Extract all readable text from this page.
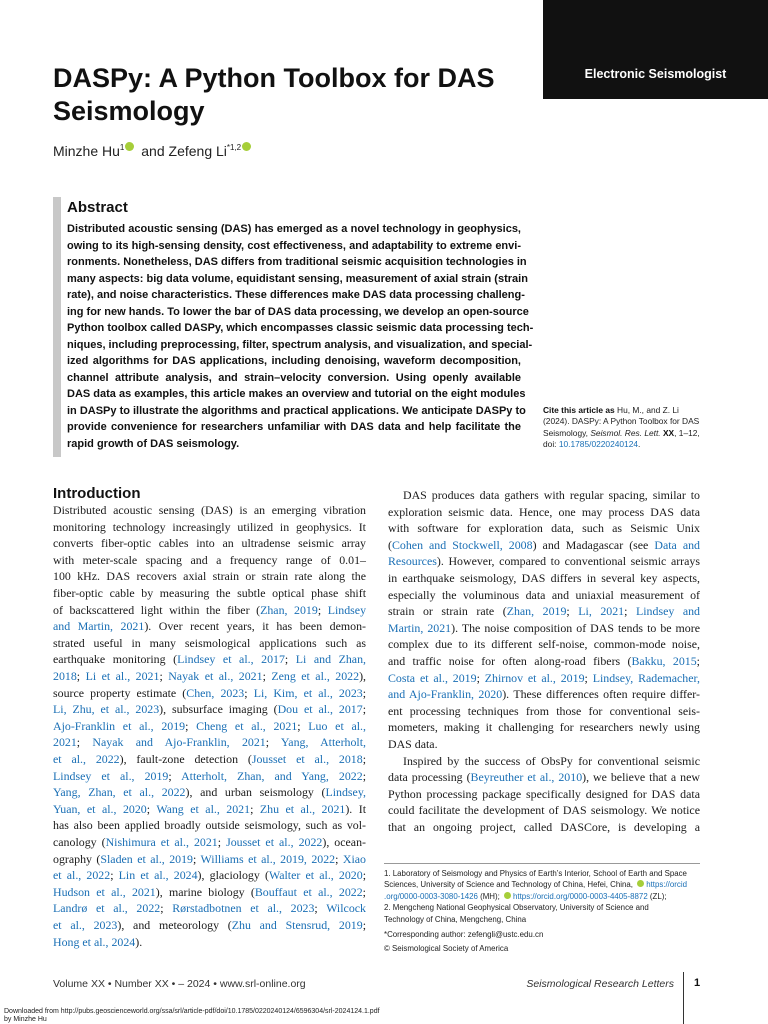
Electronic Seismologist
DASPy: A Python Toolbox for DAS
Seismology
Minzhe Hu$^1$ and Zefeng Li$^{*1,2}$
Abstract
Distributed acoustic sensing (DAS) has emerged as a novel technology in geophysics,
owing to its high-sensing density, cost effectiveness, and adaptability to extreme envi-
ronments. Nonetheless, DAS differs from traditional seismic acquisition technologies in
many aspects: big data volume, equidistant sensing, measurement of axial strain (strain
rate), and noise characteristics. These differences make DAS data processing challeng-
ing for new hands. To lower the bar of DAS data processing, we develop an open-source
Python toolbox called DASPy, which encompasses classic seismic data processing tech-
niques, including preprocessing, filter, spectrum analysis, and visualization, and special-
ized algorithms for DAS applications, including denoising, waveform decomposition,
channel attribute analysis, and strain–velocity conversion. Using openly available
DAS data as examples, this article makes an overview and tutorial on the eight modules
in DASPy to illustrate the algorithms and practical applications. We anticipate DASPy to
provide convenience for researchers unfamiliar with DAS data and help facilitate the
rapid growth of DAS seismology.
Cite this article as Hu, M., and Z. Li
(2024). DASPy: A Python Toolbox for DAS
Seismology, Seismol. Res. Lett. XX, 1–12,
doi: 10.1785/0220240124.
Introduction
Distributed acoustic sensing (DAS) is an emerging vibration
monitoring technology increasingly utilized in geophysics. It
converts fiber-optic cables into an ultradense seismic array
with meter-scale spacing and a frequency range of 0.01–
100 kHz. DAS recovers axial strain or strain rate along the
fiber-optic cable by measuring the subtle optical phase shift
of backscattered light within the fiber (Zhan, 2019; Lindsey
and Martin, 2021). Over recent years, it has been demon-
strated useful in many seismological applications such as
earthquake monitoring (Lindsey et al., 2017; Li and Zhan,
2018; Li et al., 2021; Nayak et al., 2021; Zeng et al., 2022),
source property estimate (Chen, 2023; Li, Kim, et al., 2023;
Li, Zhu, et al., 2023), subsurface imaging (Dou et al., 2017;
Ajo-Franklin et al., 2019; Cheng et al., 2021; Luo et al.,
2021; Nayak and Ajo-Franklin, 2021; Yang, Atterholt,
et al., 2022), fault-zone detection (Jousset et al., 2018;
Lindsey et al., 2019; Atterholt, Zhan, and Yang, 2022;
Yang, Zhan, et al., 2022), and urban seismology (Lindsey,
Yuan, et al., 2020; Wang et al., 2021; Zhu et al., 2021). It
has also been applied broadly outside seismology, such as vol-
canology (Nishimura et al., 2021; Jousset et al., 2022), ocean-
ography (Sladen et al., 2019; Williams et al., 2019, 2022; Xiao
et al., 2022; Lin et al., 2024), glaciology (Walter et al., 2020;
Hudson et al., 2021), marine biology (Bouffaut et al., 2022;
Landrø et al., 2022; Rørstadbotnen et al., 2023; Wilcock
et al., 2023), and meteorology (Zhu and Stensrud, 2019;
Hong et al., 2024).
DAS produces data gathers with regular spacing, similar to
exploration seismic data. Hence, one may process DAS data
with software for exploration data, such as Seismic Unix
(Cohen and Stockwell, 2008) and Madagascar (see Data and
Resources). However, compared to conventional seismic arrays
in earthquake seismology, DAS differs in several key aspects,
especially the voluminous data and uniaxial measurement of
strain or strain rate (Zhan, 2019; Li, 2021; Lindsey and
Martin, 2021). The noise composition of DAS tends to be more
complex due to its different self-noise, common-mode noise,
and traffic noise for often along-road fibers (Bakku, 2015;
Costa et al., 2019; Zhirnov et al., 2019; Lindsey, Rademacher,
and Ajo-Franklin, 2020). These differences often require differ-
ent processing techniques from those for conventional seis-
mometers, making it challenging for researchers newly using
DAS data.
Inspired by the success of ObsPy for conventional seismic
data processing (Beyreuther et al., 2010), we believe that a new
Python processing package specifically designed for DAS data
could facilitate the development of DAS seismology. We notice
that an ongoing project, called DASCore, is developing a
1. Laboratory of Seismology and Physics of Earth’s Interior, School of Earth and Space
Sciences, University of Science and Technology of China, Hefei, China, https://orcid
.org/0000-0003-3080-1426 (MH); https://orcid.org/0000-0003-4405-8872 (ZL);
2. Mengcheng National Geophysical Observatory, University of Science and
Technology of China, Mengcheng, China
*Corresponding author: zefengli@ustc.edu.cn
© Seismological Society of America
Volume XX • Number XX • – 2024 • www.srl-online.org	Seismological Research Letters 1
Downloaded from http://pubs.geoscienceworld.org/ssa/srl/article-pdf/doi/10.1785/0220240124/6596304/srl-2024124.1.pdf
by Minzhe Hu
